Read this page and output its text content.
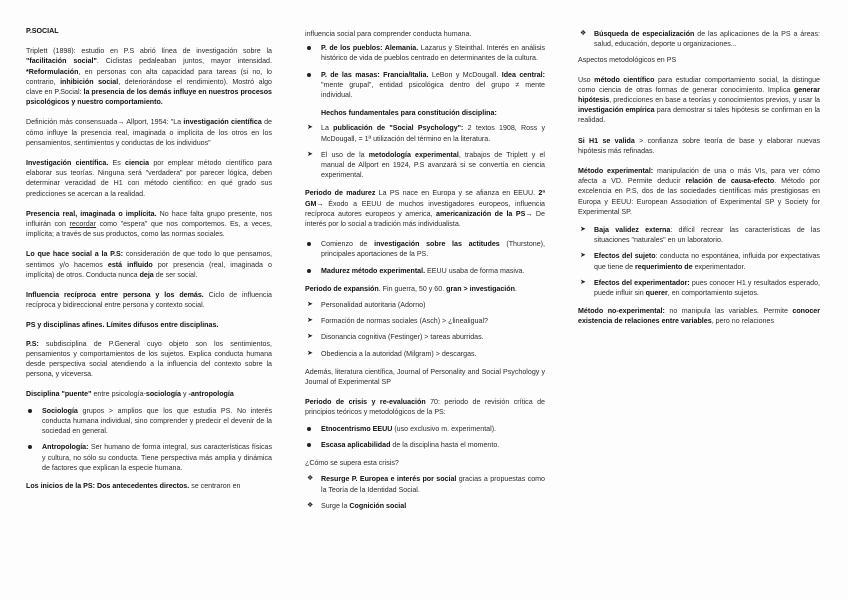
P.SOCIAL

Triplett (1898): estudio en P.S abrió línea de investigación sobre la "facilitación social". Ciclistas pedaleaban juntos, mayor intensidad. *Reformulación, en personas con alta capacidad para tareas (si no, lo contrario, inhibición social, deteriorándose el rendimiento). Mostró algo clave en P.Social: la presencia de los demás influye en nuestros procesos psicológicos y nuestro comportamiento.

Definición más consensuada→ Allport, 1954: "La investigación científica de cómo influye la presencia real, imaginada o implícita de los otros en los pensamientos, sentimientos y conductas de los individuos"

Investigación científica. Es ciencia por emplear método científico para elaborar sus teorías. Ninguna será "verdadera" por parecer lógica, deben determinar veracidad de H1 con método científico: en qué grado sus predicciones se acercan a la realidad.

Presencia real, imaginada o implícita. No hace falta grupo presente, nos influirán con recordar como "espera" que nos comportemos. Es, a veces, implícita; a través de sus productos, como las normas sociales.

Lo que hace social a la P.S: consideración de que todo lo que pensamos, sentimos y/o hacemos está influido por presencia (real, imaginada o implícita) de otros. Conducta nunca deja de ser social.

Influencia recíproca entre persona y los demás. Ciclo de influencia recíproca y bidireccional entre persona y contexto social.

PS y disciplinas afines. Límites difusos entre disciplinas.

P.S: subdisciplina de P.General cuyo objeto son los sentimientos, pensamientos y comportamientos de los sujetos. Explica conducta humana desde perspectiva social atendiendo a la influencia del contexto sobre la persona, y viceversa.

Disciplina "puente" entre psicología-sociología y -antropología

Sociología grupos > amplios que los que estudia PS. No interés conducta humana individual, sino comprender y predecir el devenir de la sociedad en general.
Antropología: Ser humano de forma integral, sus características físicas y cultura, no sólo su conducta. Tiene perspectiva más amplia y dinámica de factores que explican la especie humana.

Los inicios de la PS: Dos antecedentes directos. se centraron en

influencia social para comprender conducta humana.

P. de los pueblos: Alemania. Lazarus y Steinthal. Interés en análisis histórico de vida de pueblos centrado en determinantes de la cultura.
P. de las masas: Francia/Italia. LeBon y McDougall. Idea central: "mente grupal", entidad psicológica dentro del grupo ≠ mente individual.

Hechos fundamentales para constitución disciplina:

➤ La publicación de "Social Psychology": 2 textos 1908, Ross y McDougall, = 1ª utilización del término en la literatura.
➤ El uso de la metodología experimental, trabajos de Triplett y el manual de Allport en 1924, P.S avanzará si se convertía en ciencia experimental.

Periodo de madurez La PS nace en Europa y se afianza en EEUU. 2ª GM→ Éxodo a EEUU de muchos investigadores europeos, influencia recíproca autores europeos y america, americanización de la PS→ De interés por lo social a tradición más individualista.

Comienzo de investigación sobre las actitudes (Thurstone), principales aportaciones de la PS.
Madurez método experimental. EEUU usaba de forma masiva.

Periodo de expansión. Fin guerra, 50 y 60. gran > investigación.

➤ Personalidad autoritaria (Adorno)
➤ Formación de normas sociales (Asch) > ¿linealigual?
➤ Disonancia cognitiva (Festinger) > tareas aburridas.
➤ Obediencia a la autoridad (Milgram) > descargas.

Además, literatura científica, Journal of Personality and Social Psychology y Journal of Experimental SP

Periodo de crisis y re-evaluación 70: periodo de revisión crítica de principios teóricos y metodológicos de la PS:

Etnocentrismo EEUU (uso exclusivo m. experimental).
Escasa aplicabilidad de la disciplina hasta el momento.

¿Cómo se supera esta crisis?

❖ Resurge P. Europea e interés por social gracias a propuestas como la Teoría de la Identidad Social.
❖ Surge la Cognición social
❖ Búsqueda de especialización de las aplicaciones de la PS a áreas: salud, educación, deporte u organizaciones...

Aspectos metodológicos en PS

Uso método científico para estudiar comportamiento social, la distingue como ciencia de otras formas de generar conocimiento. Implica generar hipótesis, predicciones en base a teorías y conocimientos previos, y usar la investigación empírica para demostrar si tales hipótesis se confirman en la realidad.

Si H1 se valida > confianza sobre teoría de base y elaborar nuevas hipótesis más refinadas.

Método experimental: manipulación de una o más VIs, para ver cómo afecta a VD. Permite deducir relación de causa-efecto. Método por excelencia en P.S, dos de las sociedades científicas más prestigiosas en Europa y EEUU: European Association of Experimental SP y Society for Experimental SP.

➤ Baja validez externa: difícil recrear las características de las situaciones "naturales" en un laboratorio.
➤ Efectos del sujeto: conducta no espontánea, influida por expectativas que tiene de requerimiento de experimentador.
➤ Efectos del experimentador: pues conocer H1 y resultados esperado, puede influir sin querer, en comportamiento sujetos.

Método no-experimental: no manipula las variables. Permite conocer existencia de relaciones entre variables, pero no relaciones
